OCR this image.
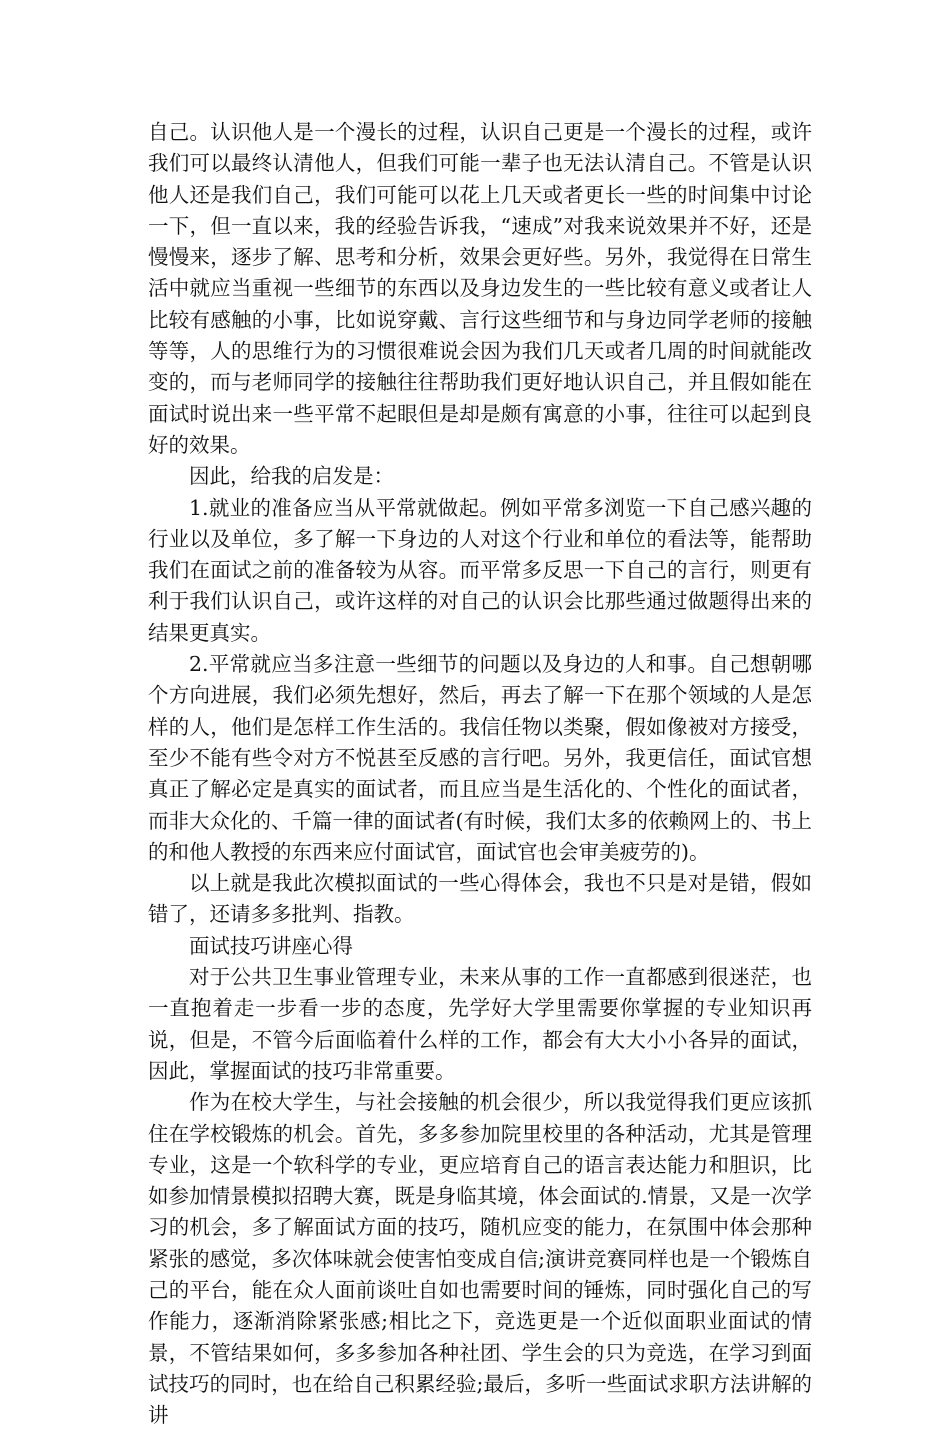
自己。认识他人是一个漫长的过程，认识自己更是一个漫长的过程，或许我们可以最终认清他人，但我们可能一辈子也无法认清自己。不管是认识他人还是我们自己，我们可能可以花上几天或者更长一些的时间集中讨论一下，但一直以来，我的经验告诉我，“速成”对我来说效果并不好，还是慢慢来，逐步了解、思考和分析，效果会更好些。另外，我觉得在日常生活中就应当重视一些细节的东西以及身边发生的一些比较有意义或者让人比较有感触的小事，比如说穿戴、言行这些细节和与身边同学老师的接触等等，人的思维行为的习惯很难说会因为我们几天或者几周的时间就能改变的，而与老师同学的接触往往帮助我们更好地认识自己，并且假如能在面试时说出来一些平常不起眼但是却是颇有寓意的小事，往往可以起到良好的效果。

因此，给我的启发是：

1.就业的准备应当从平常就做起。例如平常多浏览一下自己感兴趣的行业以及单位，多了解一下身边的人对这个行业和单位的看法等，能帮助我们在面试之前的准备较为从容。而平常多反思一下自己的言行，则更有利于我们认识自己，或许这样的对自己的认识会比那些通过做题得出来的结果更真实。

2.平常就应当多注意一些细节的问题以及身边的人和事。自己想朝哪个方向进展，我们必须先想好，然后，再去了解一下在那个领域的人是怎样的人，他们是怎样工作生活的。我信任物以类聚，假如像被对方接受，至少不能有些令对方不悦甚至反感的言行吧。另外，我更信任，面试官想真正了解必定是真实的面试者，而且应当是生活化的、个性化的面试者，而非大众化的、千篇一律的面试者(有时候，我们太多的依赖网上的、书上的和他人教授的东西来应付面试官，面试官也会审美疲劳的)。

以上就是我此次模拟面试的一些心得体会，我也不只是对是错，假如错了，还请多多批判、指教。

面试技巧讲座心得

对于公共卫生事业管理专业，未来从事的工作一直都感到很迷茫，也一直抱着走一步看一步的态度，先学好大学里需要你掌握的专业知识再说，但是，不管今后面临着什么样的工作，都会有大大小小各异的面试，因此，掌握面试的技巧非常重要。

作为在校大学生，与社会接触的机会很少，所以我觉得我们更应该抓住在学校锻炼的机会。首先，多多参加院里校里的各种活动，尤其是管理专业，这是一个软科学的专业，更应培育自己的语言表达能力和胆识，比如参加情景模拟招聘大赛，既是身临其境，体会面试的.情景，又是一次学习的机会，多了解面试方面的技巧，随机应变的能力，在氛围中体会那种紧张的感觉，多次体味就会使害怕变成自信;演讲竞赛同样也是一个锻炼自己的平台，能在众人面前谈吐自如也需要时间的锤炼，同时强化自己的写作能力，逐渐消除紧张感;相比之下，竞选更是一个近似面职业面试的情景，不管结果如何，多多参加各种社团、学生会的只为竞选，在学习到面试技巧的同时，也在给自己积累经验;最后，多听一些面试求职方法讲解的讲
